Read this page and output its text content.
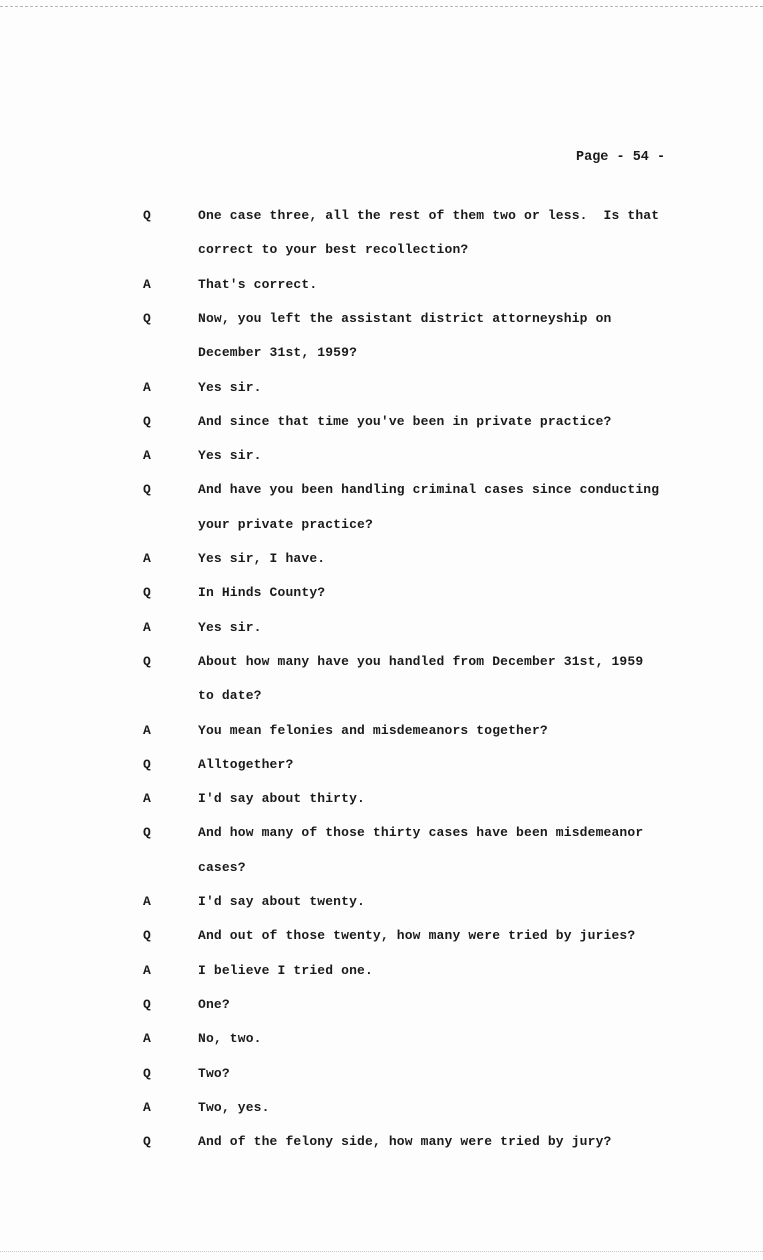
Page - 54 -
Q	One case three, all the rest of them two or less.  Is that
correct to your best recollection?
A	That's correct.
Q	Now, you left the assistant district attorneyship on
December 31st, 1959?
A	Yes sir.
Q	And since that time you've been in private practice?
A	Yes sir.
Q	And have you been handling criminal cases since conducting
your private practice?
A	Yes sir, I have.
Q	In Hinds County?
A	Yes sir.
Q	About how many have you handled from December 31st, 1959
to date?
A	You mean felonies and misdemeanors together?
Q	Alltogether?
A	I'd say about thirty.
Q	And how many of those thirty cases have been misdemeanor
cases?
A	I'd say about twenty.
Q	And out of those twenty, how many were tried by juries?
A	I believe I tried one.
Q	One?
A	No, two.
Q	Two?
A	Two, yes.
Q	And of the felony side, how many were tried by jury?
